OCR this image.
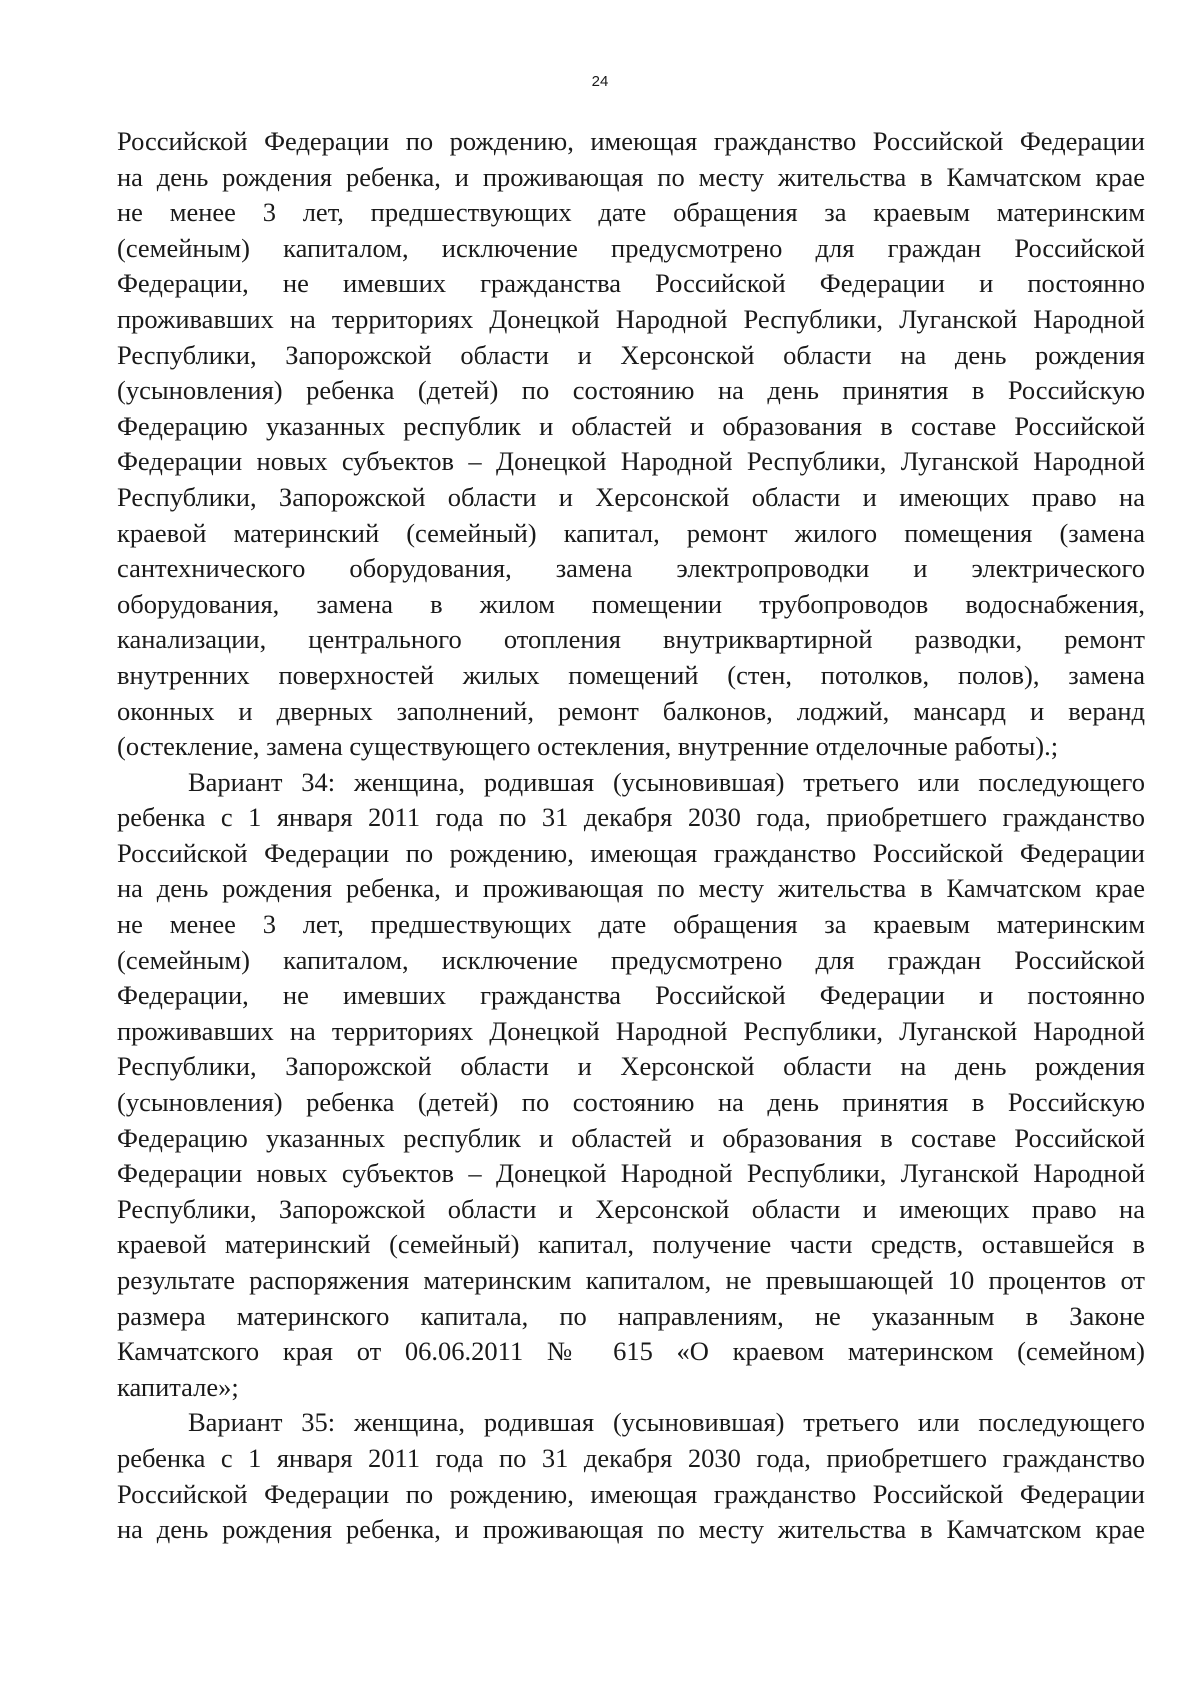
24
Российской Федерации по рождению, имеющая гражданство Российской Федерации
на день рождения ребенка, и проживающая по месту жительства в Камчатском крае
не менее 3 лет, предшествующих дате обращения за краевым материнским
(семейным) капиталом, исключение предусмотрено для граждан Российской
Федерации, не имевших гражданства Российской Федерации и постоянно
проживавших на территориях Донецкой Народной Республики, Луганской Народной
Республики, Запорожской области и Херсонской области на день рождения
(усыновления) ребенка (детей) по состоянию на день принятия в Российскую
Федерацию указанных республик и областей и образования в составе Российской
Федерации новых субъектов – Донецкой Народной Республики, Луганской Народной
Республики, Запорожской области и Херсонской области и имеющих право на
краевой материнский (семейный) капитал, ремонт жилого помещения (замена
сантехнического оборудования, замена электропроводки и электрического
оборудования, замена в жилом помещении трубопроводов водоснабжения,
канализации, центрального отопления внутриквартирной разводки, ремонт
внутренних поверхностей жилых помещений (стен, потолков, полов), замена
оконных и дверных заполнений, ремонт балконов, лоджий, мансард и веранд
(остекление, замена существующего остекления, внутренние отделочные работы).;
Вариант 34: женщина, родившая (усыновившая) третьего или последующего
ребенка с 1 января 2011 года по 31 декабря 2030 года, приобретшего гражданство
Российской Федерации по рождению, имеющая гражданство Российской Федерации
на день рождения ребенка, и проживающая по месту жительства в Камчатском крае
не менее 3 лет, предшествующих дате обращения за краевым материнским
(семейным) капиталом, исключение предусмотрено для граждан Российской
Федерации, не имевших гражданства Российской Федерации и постоянно
проживавших на территориях Донецкой Народной Республики, Луганской Народной
Республики, Запорожской области и Херсонской области на день рождения
(усыновления) ребенка (детей) по состоянию на день принятия в Российскую
Федерацию указанных республик и областей и образования в составе Российской
Федерации новых субъектов – Донецкой Народной Республики, Луганской Народной
Республики, Запорожской области и Херсонской области и имеющих право на
краевой материнский (семейный) капитал, получение части средств, оставшейся в
результате распоряжения материнским капиталом, не превышающей 10 процентов от
размера материнского капитала, по направлениям, не указанным в Законе
Камчатского края от 06.06.2011 № 615 «О краевом материнском (семейном)
капитале»;
Вариант 35: женщина, родившая (усыновившая) третьего или последующего
ребенка с 1 января 2011 года по 31 декабря 2030 года, приобретшего гражданство
Российской Федерации по рождению, имеющая гражданство Российской Федерации
на день рождения ребенка, и проживающая по месту жительства в Камчатском крае
